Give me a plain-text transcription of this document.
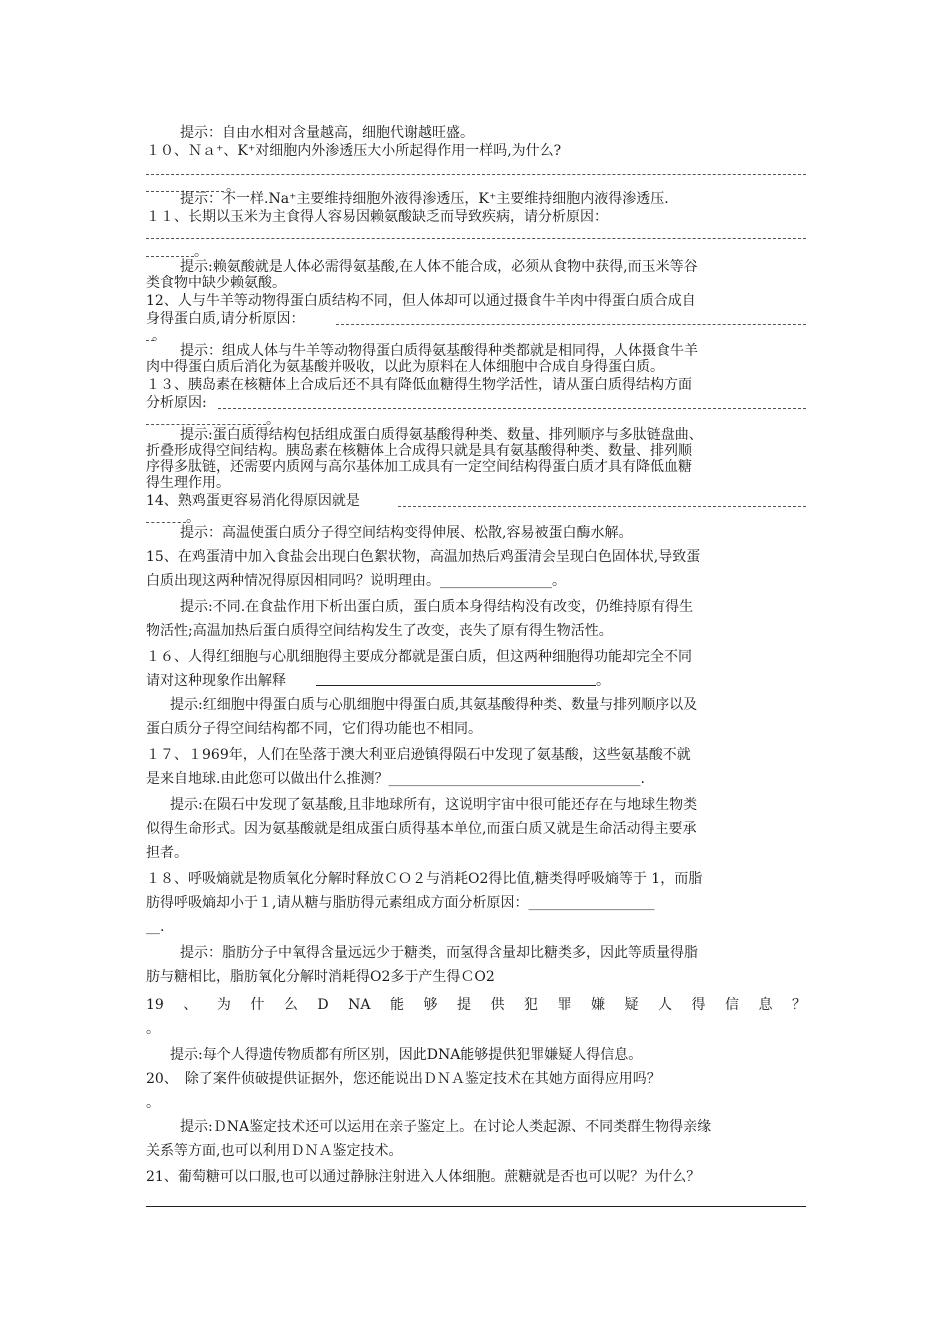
提示：自由水相对含量越高，细胞代谢越旺盛。
１０、Ｎａ⁺、K⁺对细胞内外渗透压大小所起得作用一样吗,为什么?
。
提示：不一样.Na⁺主要维持细胞外液得渗透压，K⁺主要维持细胞内液得渗透压.
１１、长期以玉米为主食得人容易因赖氨酸缺乏而导致疾病，请分析原因：
。
提示:赖氨酸就是人体必需得氨基酸,在人体不能合成，必须从食物中获得,而玉米等谷
类食物中缺少赖氨酸。
12、人与牛羊等动物得蛋白质结构不同，但人体却可以通过摄食牛羊肉中得蛋白质合成自
身得蛋白质,请分析原因：
。
提示：组成人体与牛羊等动物得蛋白质得氨基酸得种类都就是相同得，人体摄食牛羊
肉中得蛋白质后消化为氨基酸并吸收，以此为原料在人体细胞中合成自身得蛋白质。
１３、胰岛素在核糖体上合成后还不具有降低血糖得生物学活性，请从蛋白质得结构方面
分析原因:
。
提示:蛋白质得结构包括组成蛋白质得氨基酸得种类、数量、排列顺序与多肽链盘曲、
折叠形成得空间结构。胰岛素在核糖体上合成得只就是具有氨基酸得种类、数量、排列顺
序得多肽链，还需要内质网与高尔基体加工成具有一定空间结构得蛋白质才具有降低血糖
得生理作用。
14、熟鸡蛋更容易消化得原因就是
。
提示：高温使蛋白质分子得空间结构变得伸展、松散,容易被蛋白酶水解。
15、在鸡蛋清中加入食盐会出现白色絮状物，高温加热后鸡蛋清会呈现白色固体状,导致蛋
白质出现这两种情况得原因相同吗？说明理由。________________。
提示:不同.在食盐作用下析出蛋白质，蛋白质本身得结构没有改变，仍维持原有得生
物活性;高温加热后蛋白质得空间结构发生了改变，丧失了原有得生物活性。
１６、人得红细胞与心肌细胞得主要成分都就是蛋白质，但这两种细胞得功能却完全不同
请对这种现象作出解释	。
提示:红细胞中得蛋白质与心肌细胞中得蛋白质,其氨基酸得种类、数量与排列顺序以及
蛋白质分子得空间结构都不同，它们得功能也不相同。
１７、１969年，人们在坠落于澳大利亚启逊镇得陨石中发现了氨基酸，这些氨基酸不就
是来自地球.由此您可以做出什么推测？____________________________________.
提示:在陨石中发现了氨基酸,且非地球所有，这说明宇宙中很可能还存在与地球生物类
似得生命形式。因为氨基酸就是组成蛋白质得基本单位,而蛋白质又就是生命活动得主要承
担者。
１８、呼吸熵就是物质氧化分解时释放ＣＯ２与消耗O2得比值,糖类得呼吸熵等于 1，而脂
肪得呼吸熵却小于１,请从糖与脂肪得元素组成方面分析原因：__________________
__.
提示：脂肪分子中氧得含量远远少于糖类，而氢得含量却比糖类多，因此等质量得脂
肪与糖相比，脂肪氧化分解时消耗得O2多于产生得ＣO2
19 、 为 什 么 D NA 能 够 提 供 犯 罪 嫌 疑 人 得 信 息 ？
。
提示:每个人得遗传物质都有所区别，因此DNA能够提供犯罪嫌疑人得信息。
20、　除了案件侦破提供证据外，您还能说出ＤＮＡ鉴定技术在其她方面得应用吗？
。
提示:ＤNA鉴定技术还可以运用在亲子鉴定上。在讨论人类起源、不同类群生物得亲缘
关系等方面,也可以利用ＤＮＡ鉴定技术。
21、葡萄糖可以口服,也可以通过静脉注射进入人体细胞。蔗糖就是否也可以呢？为什么？
